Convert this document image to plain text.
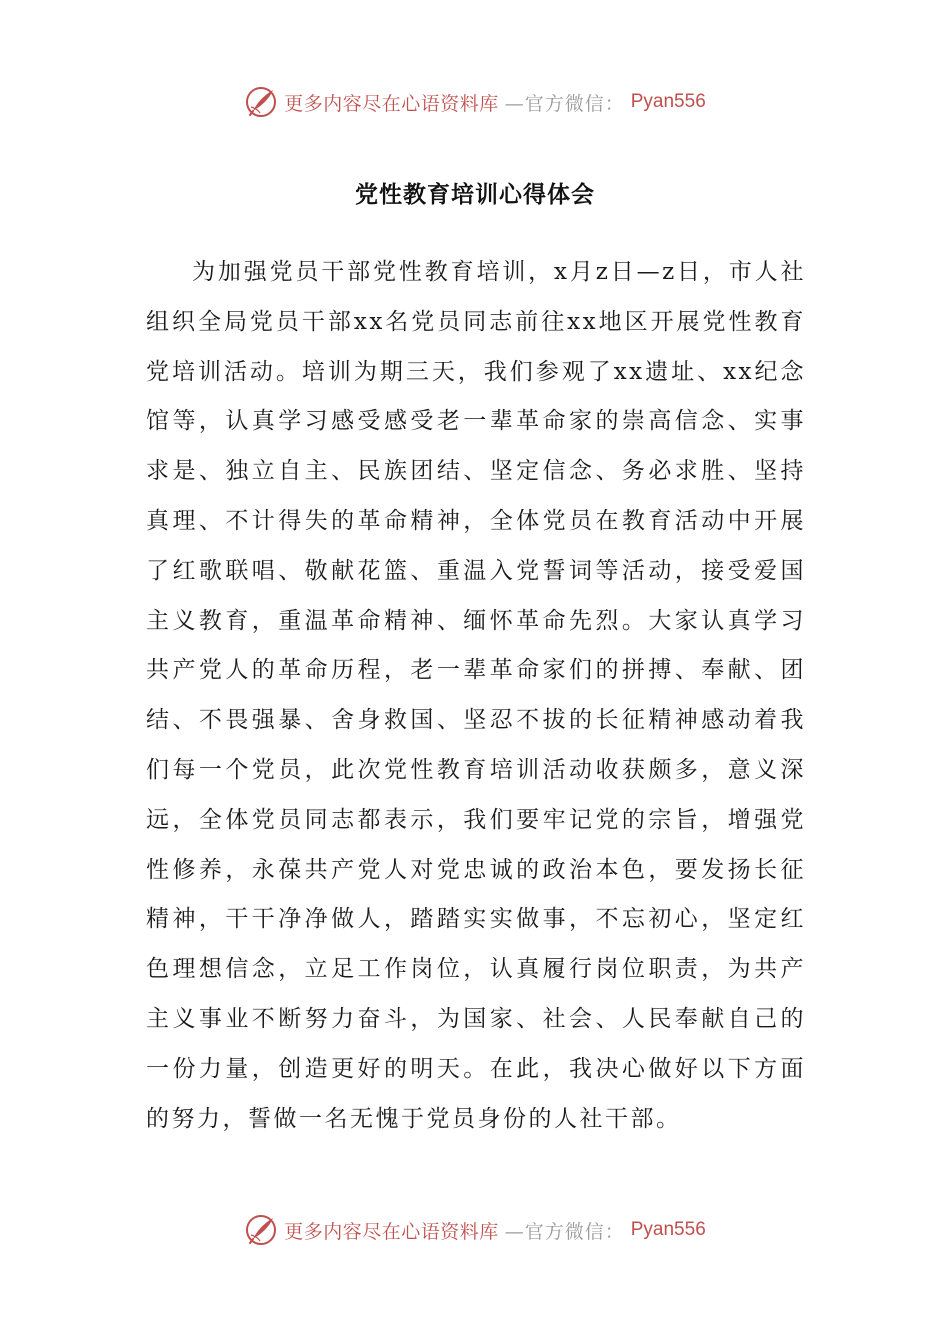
更多内容尽在心语资料库 —官方微信： Pyan556
党性教育培训心得体会

为加强党员干部党性教育培训，x月z日—z日，市人社组织全局党员干部xx名党员同志前往xx地区开展党性教育党培训活动。培训为期三天，我们参观了xx遗址、xx纪念馆等，认真学习感受感受老一辈革命家的崇高信念、实事求是、独立自主、民族团结、坚定信念、务必求胜、坚持真理、不计得失的革命精神，全体党员在教育活动中开展了红歌联唱、敬献花篮、重温入党誓词等活动，接受爱国主义教育，重温革命精神、缅怀革命先烈。大家认真学习共产党人的革命历程，老一辈革命家们的拼搏、奉献、团结、不畏强暴、舍身救国、坚忍不拔的长征精神感动着我们每一个党员，此次党性教育培训活动收获颇多，意义深远，全体党员同志都表示，我们要牢记党的宗旨，增强党性修养，永葆共产党人对党忠诚的政治本色，要发扬长征精神，干干净净做人，踏踏实实做事，不忘初心，坚定红色理想信念，立足工作岗位，认真履行岗位职责，为共产主义事业不断努力奋斗，为国家、社会、人民奉献自己的一份力量，创造更好的明天。在此，我决心做好以下方面的努力，誓做一名无愧于党员身份的人社干部。

更多内容尽在心语资料库 —官方微信： Pyan556
